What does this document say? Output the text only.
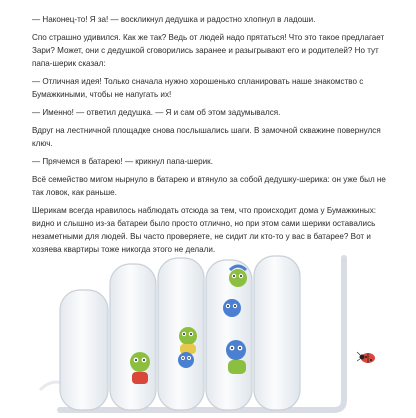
— Наконец-то! Я за! — воскликнул дедушка и радостно хлопнул в ладоши.

Спо страшно удивился. Как же так? Ведь от людей надо прятаться! Что это такое предлагает Зари? Может, они с дедушкой сговорились заранее и разыгрывают его и родителей? Но тут папа-шерик сказал:

— Отличная идея! Только сначала нужно хорошенько спланировать наше знакомство с Бумажкиными, чтобы не напугать их!

— Именно! — ответил дедушка. — Я и сам об этом задумывался.

Вдруг на лестничной площадке снова послышались шаги. В замочной скважине повернулся ключ.

— Прячемся в батарею! — крикнул папа-шерик.

Всё семейство мигом нырнуло в батарею и втянуло за собой дедушку-шерика: он уже был не так ловок, как раньше.

Шерикам всегда нравилось наблюдать отсюда за тем, что происходит дома у Бумажкиных: видно и слышно из-за батареи было просто отлично, но при этом сами шерики оставались незаметными для людей. Вы часто проверяете, не сидит ли кто-то у вас в батарее? Вот и хозяева квартиры тоже никогда этого не делали.
